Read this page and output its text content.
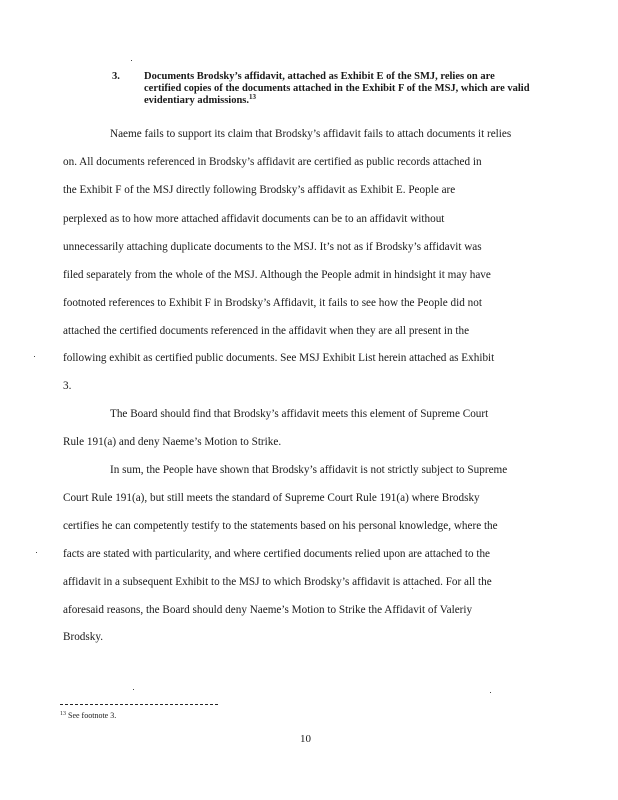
3. Documents Brodsky’s affidavit, attached as Exhibit E of the SMJ, relies on are certified copies of the documents attached in the Exhibit F of the MSJ, which are valid evidentiary admissions.$^{13}$
Naeme fails to support its claim that Brodsky’s affidavit fails to attach documents it relies
on. All documents referenced in Brodsky’s affidavit are certified as public records attached in
the Exhibit F of the MSJ directly following Brodsky’s affidavit as Exhibit E. People are
perplexed as to how more attached affidavit documents can be to an affidavit without
unnecessarily attaching duplicate documents to the MSJ. It’s not as if Brodsky’s affidavit was
filed separately from the whole of the MSJ. Although the People admit in hindsight it may have
footnoted references to Exhibit F in Brodsky’s Affidavit, it fails to see how the People did not
attached the certified documents referenced in the affidavit when they are all present in the
following exhibit as certified public documents. See MSJ Exhibit List herein attached as Exhibit
3.
The Board should find that Brodsky’s affidavit meets this element of Supreme Court
Rule 191(a) and deny Naeme’s Motion to Strike.
In sum, the People have shown that Brodsky’s affidavit is not strictly subject to Supreme
Court Rule 191(a), but still meets the standard of Supreme Court Rule 191(a) where Brodsky
certifies he can competently testify to the statements based on his personal knowledge, where the
facts are stated with particularity, and where certified documents relied upon are attached to the
affidavit in a subsequent Exhibit to the MSJ to which Brodsky’s affidavit is attached. For all the
aforesaid reasons, the Board should deny Naeme’s Motion to Strike the Affidavit of Valeriy
Brodsky.
$^{13}$ See footnote 3.
10
